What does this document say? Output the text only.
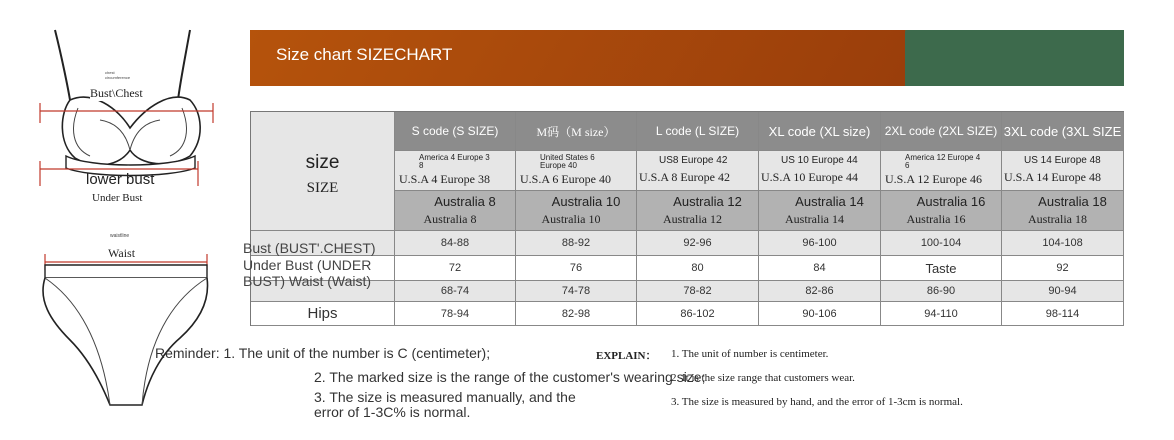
chest
circumference
Bust\Chest
lower bust
Under Bust
waistline
Waist
Size chart SIZECHART
size
SIZE
S code (S SIZE)
America 4 Europe 3
8
U.S.A 4 Europe 38
Australia 8
Australia 8
M码（M size）
United States 6
Europe 40
U.S.A 6 Europe 40
Australia 10
Australia 10
L code (L SIZE)
US8 Europe 42
U.S.A 8 Europe 42
Australia 12
Australia 12
XL code (XL size)
US 10 Europe 44
U.S.A 10 Europe 44
Australia 14
Australia 14
2XL code (2XL SIZE)
America 12 Europe 4
6
U.S.A 12 Europe 46
Australia 16
Australia 16
3XL code (3XL SIZE
US 14 Europe 48
U.S.A 14 Europe 48
Australia 18
Australia 18
Hips
84-88
72
68-74
78-94
88-92
76
74-78
82-98
92-96
80
78-82
86-102
96-100
84
82-86
90-106
100-104
Taste
86-90
94-110
104-108
92
90-94
98-114
Bust (BUST'.CHEST)
Under Bust (UNDER
BUST) Waist (Waist)
Reminder: 1. The unit of the number is C (centimeter);
2. The marked size is the range of the customer's wearing size;
3. The size is measured manually, and the
error of 1-3C% is normal.
EXPLAIN： 1. The unit of number is centimeter.
2. It is the size range that customers wear.
3. The size is measured by hand, and the error of 1-3cm is normal.
